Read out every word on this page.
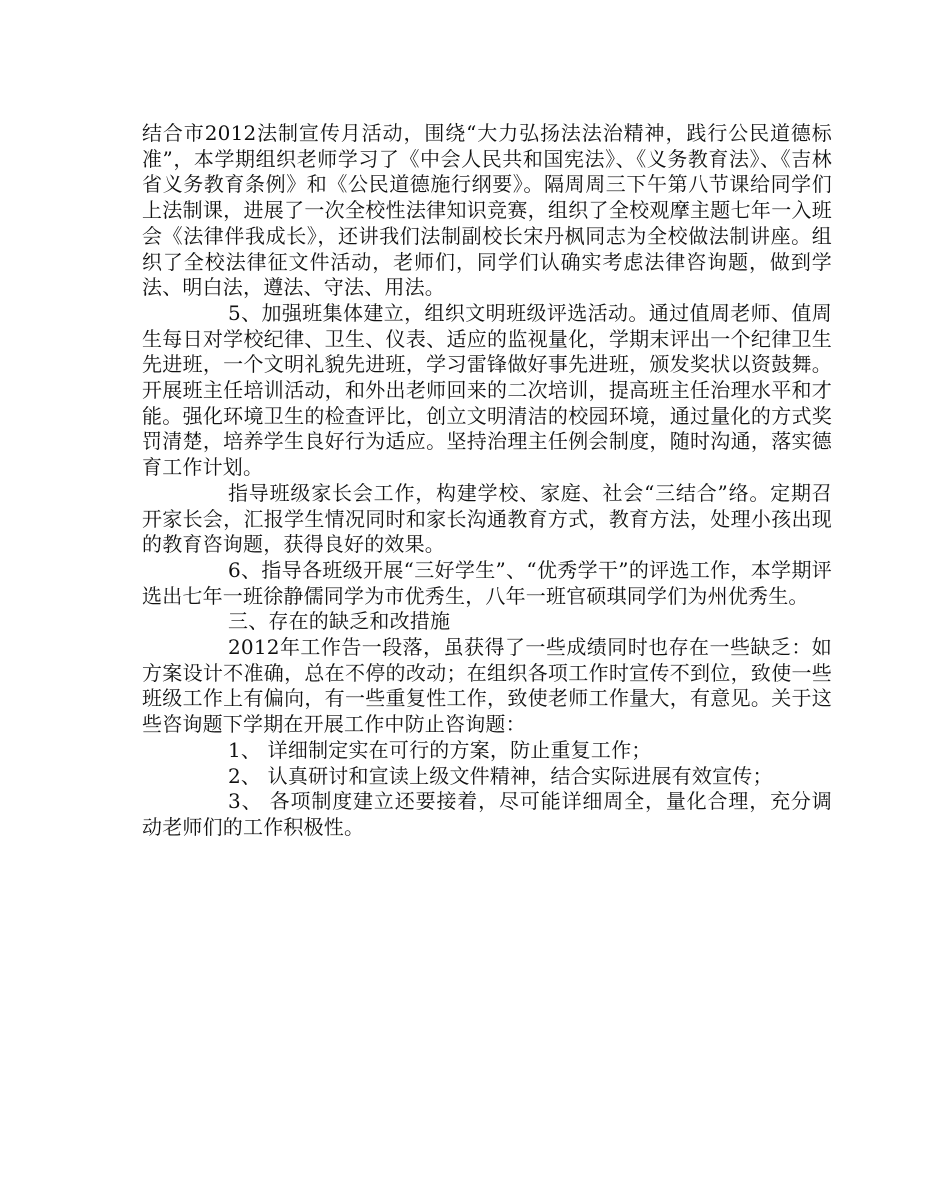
结合市2012法制宣传月活动，围绕“大力弘扬法法治精神，践行公民道德标准”，本学期组织老师学习了《中会人民共和国宪法》、《义务教育法》、《吉林省义务教育条例》和《公民道德施行纲要》。隔周周三下午第八节课给同学们上法制课，进展了一次全校性法律知识竞赛，组织了全校观摩主题七年一入班会《法律伴我成长》，还讲我们法制副校长宋丹枫同志为全校做法制讲座。组织了全校法律征文件活动，老师们，同学们认确实考虑法律咨询题，做到学法、明白法，遵法、守法、用法。

5、加强班集体建立，组织文明班级评选活动。通过值周老师、值周生每日对学校纪律、卫生、仪表、适应的监视量化，学期末评出一个纪律卫生先进班，一个文明礼貌先进班，学习雷锋做好事先进班，颁发奖状以资鼓舞。开展班主任培训活动，和外出老师回来的二次培训，提高班主任治理水平和才能。强化环境卫生的检查评比，创立文明清洁的校园环境，通过量化的方式奖罚清楚，培养学生良好行为适应。坚持治理主任例会制度，随时沟通，落实德育工作计划。

指导班级家长会工作，构建学校、家庭、社会“三结合”络。定期召开家长会，汇报学生情况同时和家长沟通教育方式，教育方法，处理小孩出现的教育咨询题，获得良好的效果。

6、指导各班级开展“三好学生”、“优秀学干”的评选工作，本学期评选出七年一班徐静儒同学为市优秀生，八年一班官硕琪同学们为州优秀生。

三、存在的缺乏和改措施

2012年工作告一段落，虽获得了一些成绩同时也存在一些缺乏：如方案设计不准确，总在不停的改动；在组织各项工作时宣传不到位，致使一些班级工作上有偏向，有一些重复性工作，致使老师工作量大，有意见。关于这些咨询题下学期在开展工作中防止咨询题：

1、 详细制定实在可行的方案，防止重复工作；

2、 认真研讨和宣读上级文件精神，结合实际进展有效宣传；

3、 各项制度建立还要接着，尽可能详细周全，量化合理，充分调动老师们的工作积极性。
